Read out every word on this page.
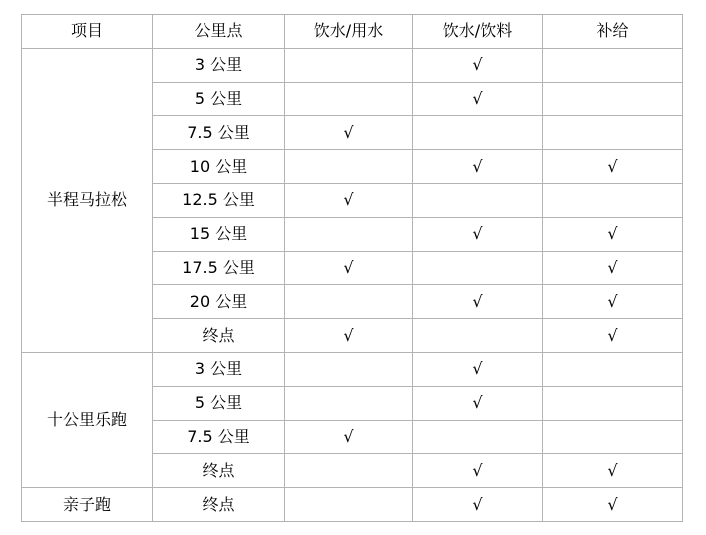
项目	公里点	饮水/用水	饮水/饮料	补给
半程马拉松	3 公里		√	
	5 公里		√	
	7.5 公里	√		
	10 公里		√	√
	12.5 公里	√		
	15 公里		√	√
	17.5 公里	√		√
	20 公里		√	√
	终点	√		√
十公里乐跑	3 公里		√	
	5 公里		√	
	7.5 公里	√		
	终点		√	√
亲子跑	终点		√	√
